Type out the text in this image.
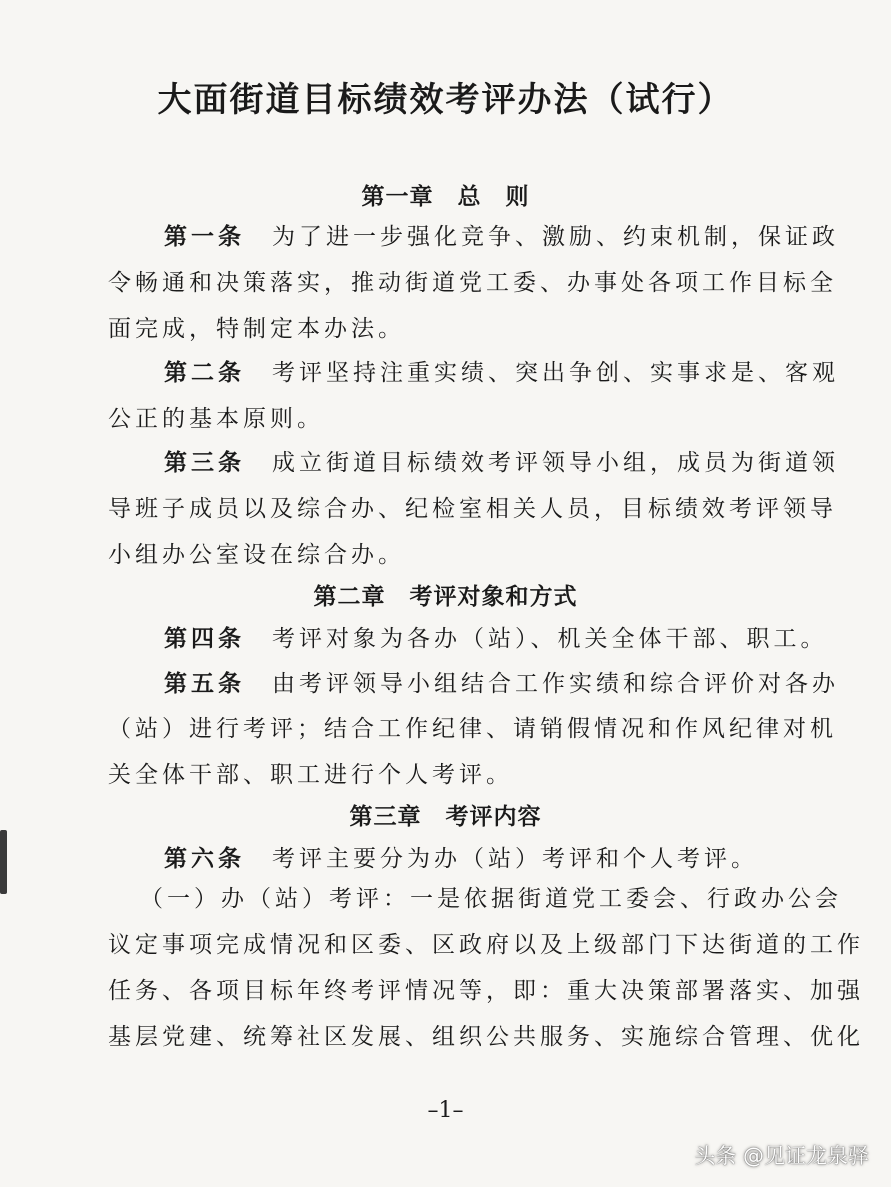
大面街道目标绩效考评办法（试行）
第一章　总　则
第一条　 为了进一步强化竞争、激励、约束机制，保证政
令畅通和决策落实，推动街道党工委、办事处各项工作目标全
面完成，特制定本办法。
第二条　 考评坚持注重实绩、突出争创、实事求是、客观
公正的基本原则。
第三条　 成立街道目标绩效考评领导小组，成员为街道领
导班子成员以及综合办、纪检室相关人员，目标绩效考评领导
小组办公室设在综合办。
第二章　考评对象和方式
第四条　 考评对象为各办（站）、机关全体干部、职工。
第五条　 由考评领导小组结合工作实绩和综合评价对各办
（站）进行考评；结合工作纪律、请销假情况和作风纪律对机
关全体干部、职工进行个人考评。
第三章　考评内容
第六条　 考评主要分为办（站）考评和个人考评。
（一）办（站）考评：一是依据街道党工委会、行政办公会
议定事项完成情况和区委、区政府以及上级部门下达街道的工作
任务、各项目标年终考评情况等，即：重大决策部署落实、加强
基层党建、统筹社区发展、组织公共服务、实施综合管理、优化
–1–
头条 @见证龙泉驿
